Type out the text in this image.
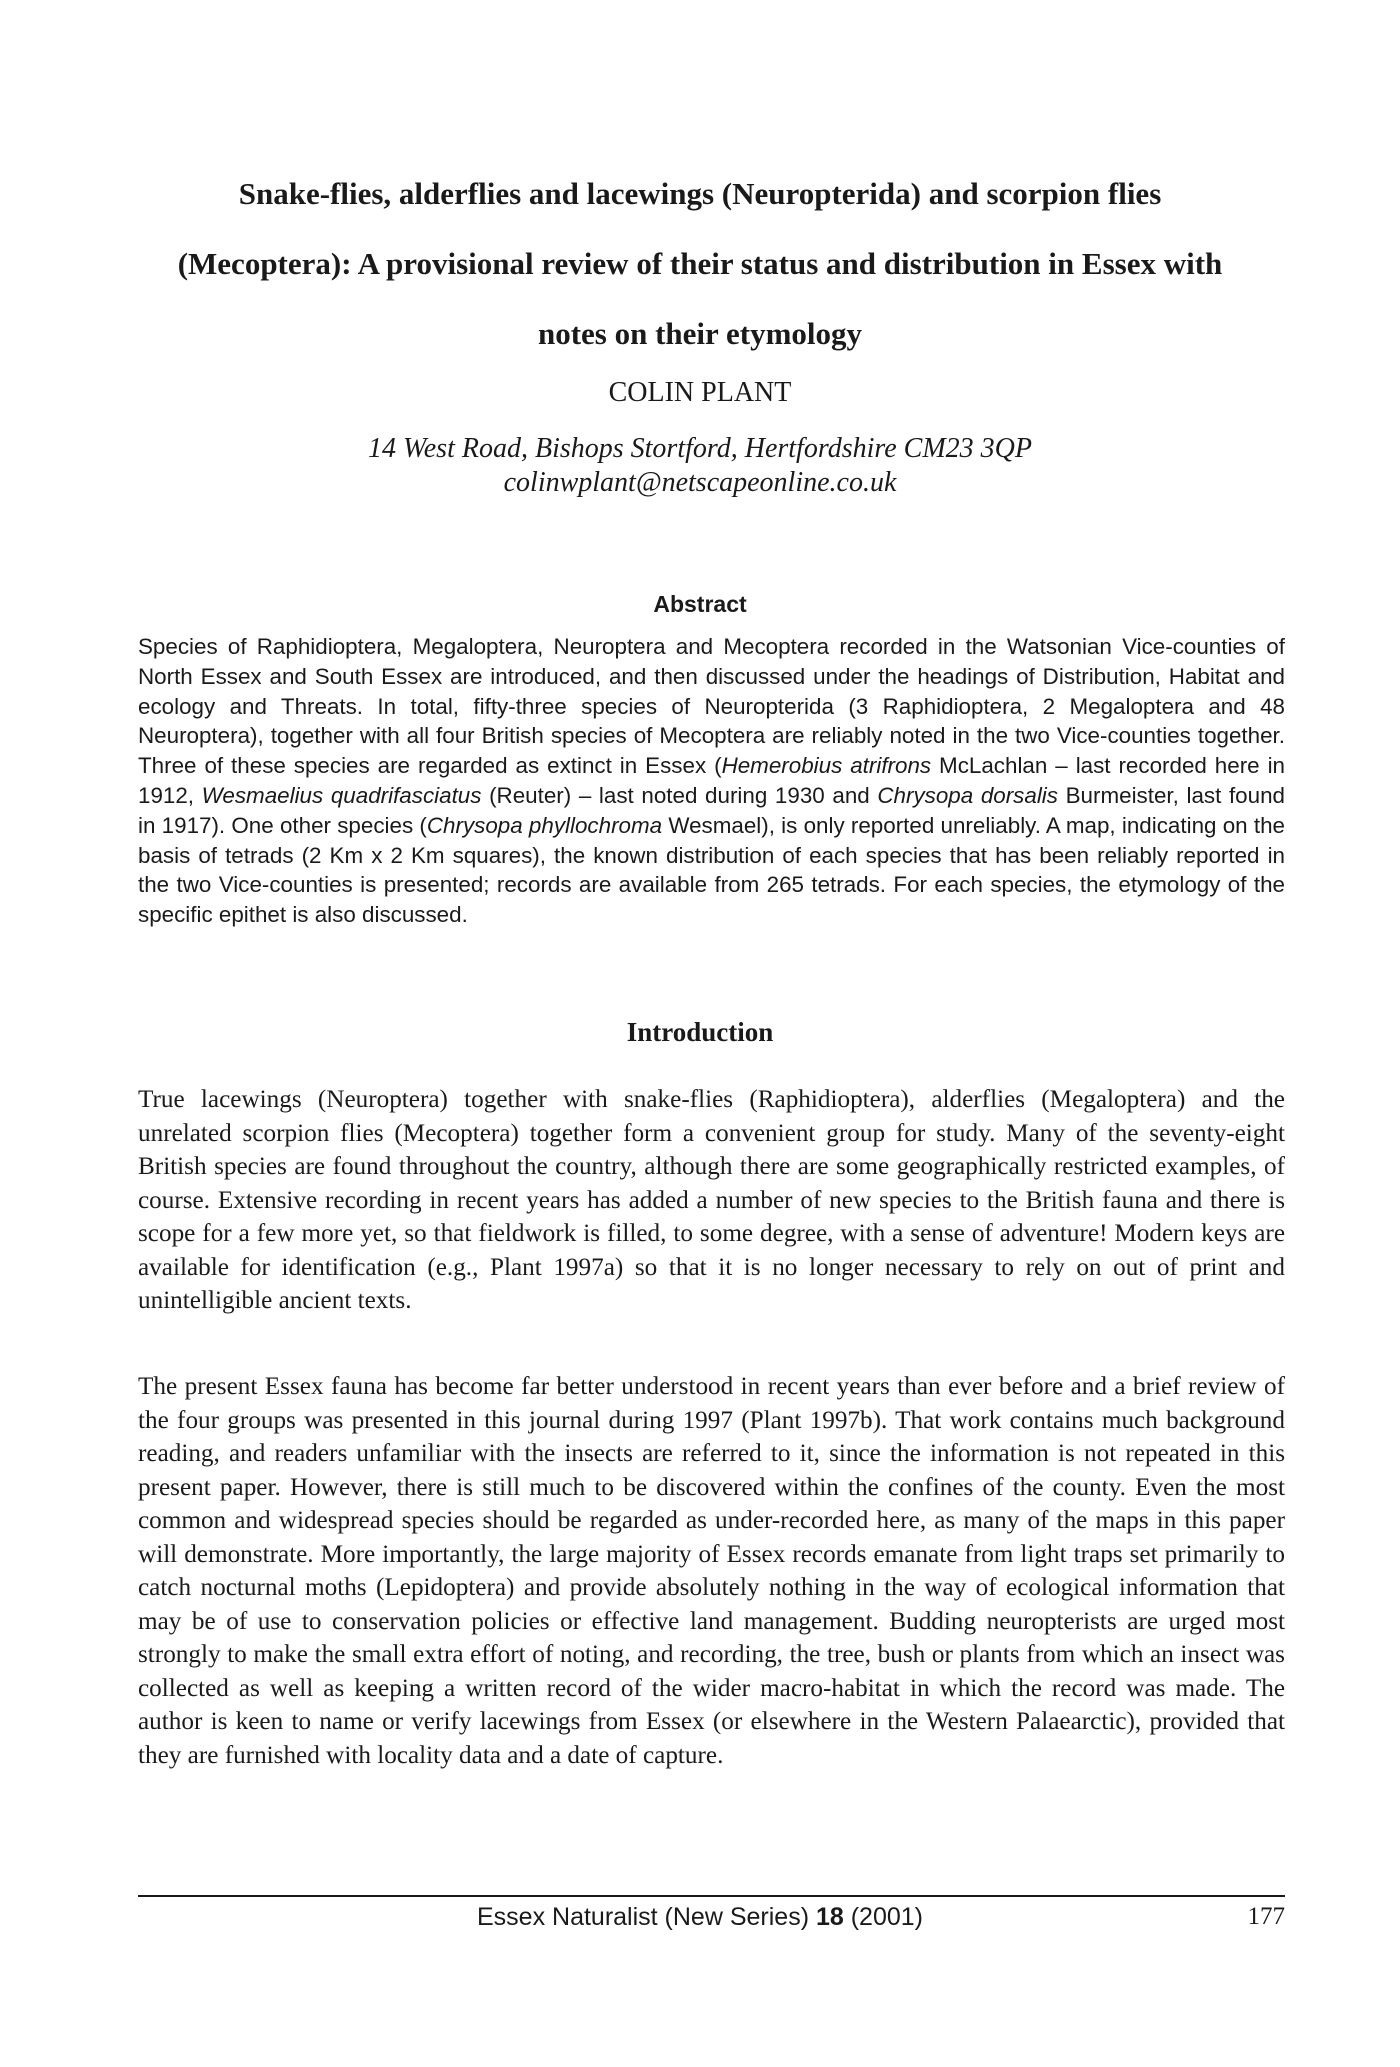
Snake-flies, alderflies and lacewings (Neuropterida) and scorpion flies
(Mecoptera): A provisional review of their status and distribution in Essex with
notes on their etymology
COLIN PLANT
14 West Road, Bishops Stortford, Hertfordshire CM23 3QP
colinwplant@netscapeonline.co.uk
Abstract

Species of Raphidioptera, Megaloptera, Neuroptera and Mecoptera recorded in the Watsonian Vice-counties of North Essex and South Essex are introduced, and then discussed under the headings of Distribution, Habitat and ecology and Threats. In total, fifty-three species of Neuropterida (3 Raphidioptera, 2 Megaloptera and 48 Neuroptera), together with all four British species of Mecoptera are reliably noted in the two Vice-counties together. Three of these species are regarded as extinct in Essex (Hemerobius atrifrons McLachlan – last recorded here in 1912, Wesmaelius quadrifasciatus (Reuter) – last noted during 1930 and Chrysopa dorsalis Burmeister, last found in 1917). One other species (Chrysopa phyllochroma Wesmael), is only reported unreliably. A map, indicating on the basis of tetrads (2 Km x 2 Km squares), the known distribution of each species that has been reliably reported in the two Vice-counties is presented; records are available from 265 tetrads. For each species, the etymology of the specific epithet is also discussed.

Introduction

True lacewings (Neuroptera) together with snake-flies (Raphidioptera), alderflies (Megaloptera) and the unrelated scorpion flies (Mecoptera) together form a convenient group for study. Many of the seventy-eight British species are found throughout the country, although there are some geographically restricted examples, of course. Extensive recording in recent years has added a number of new species to the British fauna and there is scope for a few more yet, so that fieldwork is filled, to some degree, with a sense of adventure! Modern keys are available for identification (e.g., Plant 1997a) so that it is no longer necessary to rely on out of print and unintelligible ancient texts.

The present Essex fauna has become far better understood in recent years than ever before and a brief review of the four groups was presented in this journal during 1997 (Plant 1997b). That work contains much background reading, and readers unfamiliar with the insects are referred to it, since the information is not repeated in this present paper. However, there is still much to be discovered within the confines of the county. Even the most common and widespread species should be regarded as under-recorded here, as many of the maps in this paper will demonstrate. More importantly, the large majority of Essex records emanate from light traps set primarily to catch nocturnal moths (Lepidoptera) and provide absolutely nothing in the way of ecological information that may be of use to conservation policies or effective land management. Budding neuropterists are urged most strongly to make the small extra effort of noting, and recording, the tree, bush or plants from which an insect was collected as well as keeping a written record of the wider macro-habitat in which the record was made. The author is keen to name or verify lacewings from Essex (or elsewhere in the Western Palaearctic), provided that they are furnished with locality data and a date of capture.

Essex Naturalist (New Series) 18 (2001)	177
